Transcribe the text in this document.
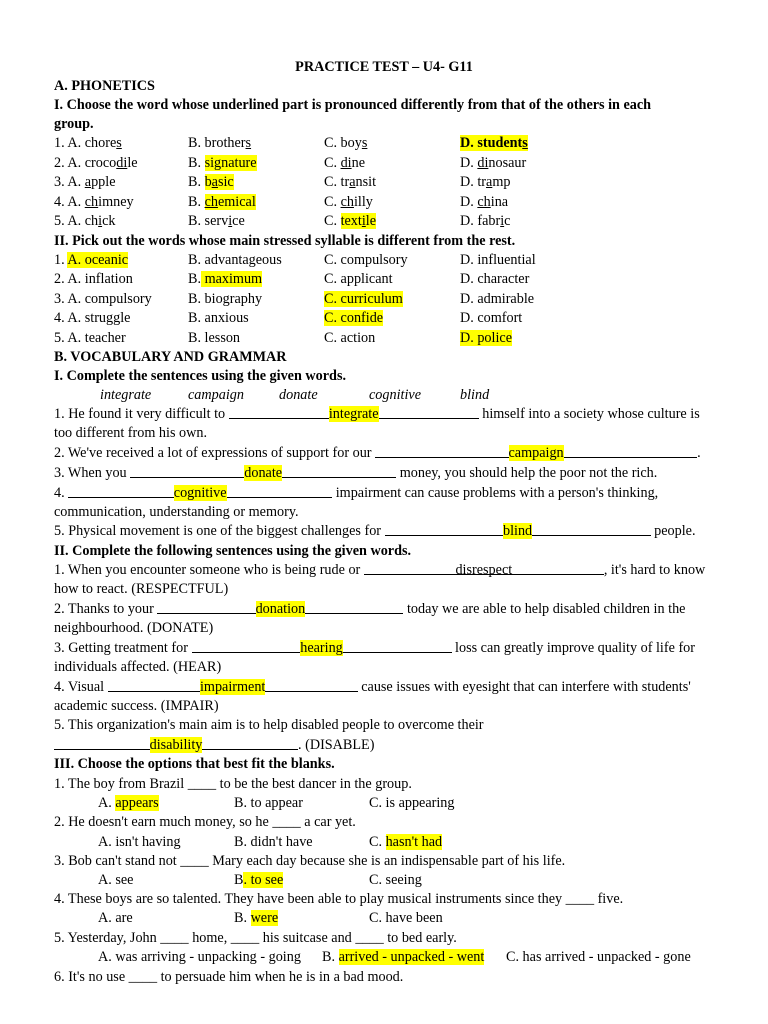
PRACTICE TEST – U4- G11
A. PHONETICS
I. Choose the word whose underlined part is pronounced differently from that of the others in each
group.
1. A. chores	B. brothers	C. boys	D. students
2. A. crocodile	B. signature	C. dine	D. dinosaur
3. A. apple	B. basic	C. transit	D. tramp
4. A. chimney	B. chemical	C. chilly	D. china
5. A. chick	B. service	C. textile	D. fabric
II. Pick out the words whose main stressed syllable is different from the rest.
1. A. oceanic	B. advantageous	C. compulsory	D. influential
2. A. inflation	B. maximum	C. applicant	D. character
3. A. compulsory	B. biography	C. curriculum	D. admirable
4. A. struggle	B. anxious	C. confide	D. comfort
5. A. teacher	B. lesson	C. action	D. police
B. VOCABULARY AND GRAMMAR
I. Complete the sentences using the given words.
integrate	campaign donate	cognitive	blind
1. He found it very difficult to	integrate	himself into a society whose culture is
too different from his own.
2. We've received a lot of expressions of support for our	campaign	.
3. When you	donate	money, you should help the poor not the rich.
4.	cognitive	impairment can cause problems with a person's thinking,
communication, understanding or memory.
5. Physical movement is one of the biggest challenges for	blind	people.
II. Complete the following sentences using the given words.
1. When you encounter someone who is being rude or	disrespect	, it's hard to know
how to react. (RESPECTFUL)
2. Thanks to your	donation	today we are able to help disabled children in the
neighbourhood. (DONATE)
3. Getting treatment for	hearing	loss can greatly improve quality of life for
individuals affected. (HEAR)
4. Visual	impairment	cause issues with eyesight that can interfere with students'
academic success. (IMPAIR)
5. This organization's main aim is to help disabled people to overcome their
disability	. (DISABLE)
III. Choose the options that best fit the blanks.
1. The boy from Brazil ____ to be the best dancer in the group.
A. appears	B. to appear	C. is appearing
2. He doesn't earn much money, so he ____ a car yet.
A. isn't having	B. didn't have	C. hasn't had
3. Bob can't stand not ____ Mary each day because she is an indispensable part of his life.
A. see	B. to see	C. seeing
4. These boys are so talented. They have been able to play musical instruments since they ____ five.
A. are	B. were	C. have been
5. Yesterday, John ____ home, ____ his suitcase and ____ to bed early.
A. was arriving - unpacking - going B. arrived - unpacked - went C. has arrived - unpacked - gone
6. It's no use ____ to persuade him when he is in a bad mood.
